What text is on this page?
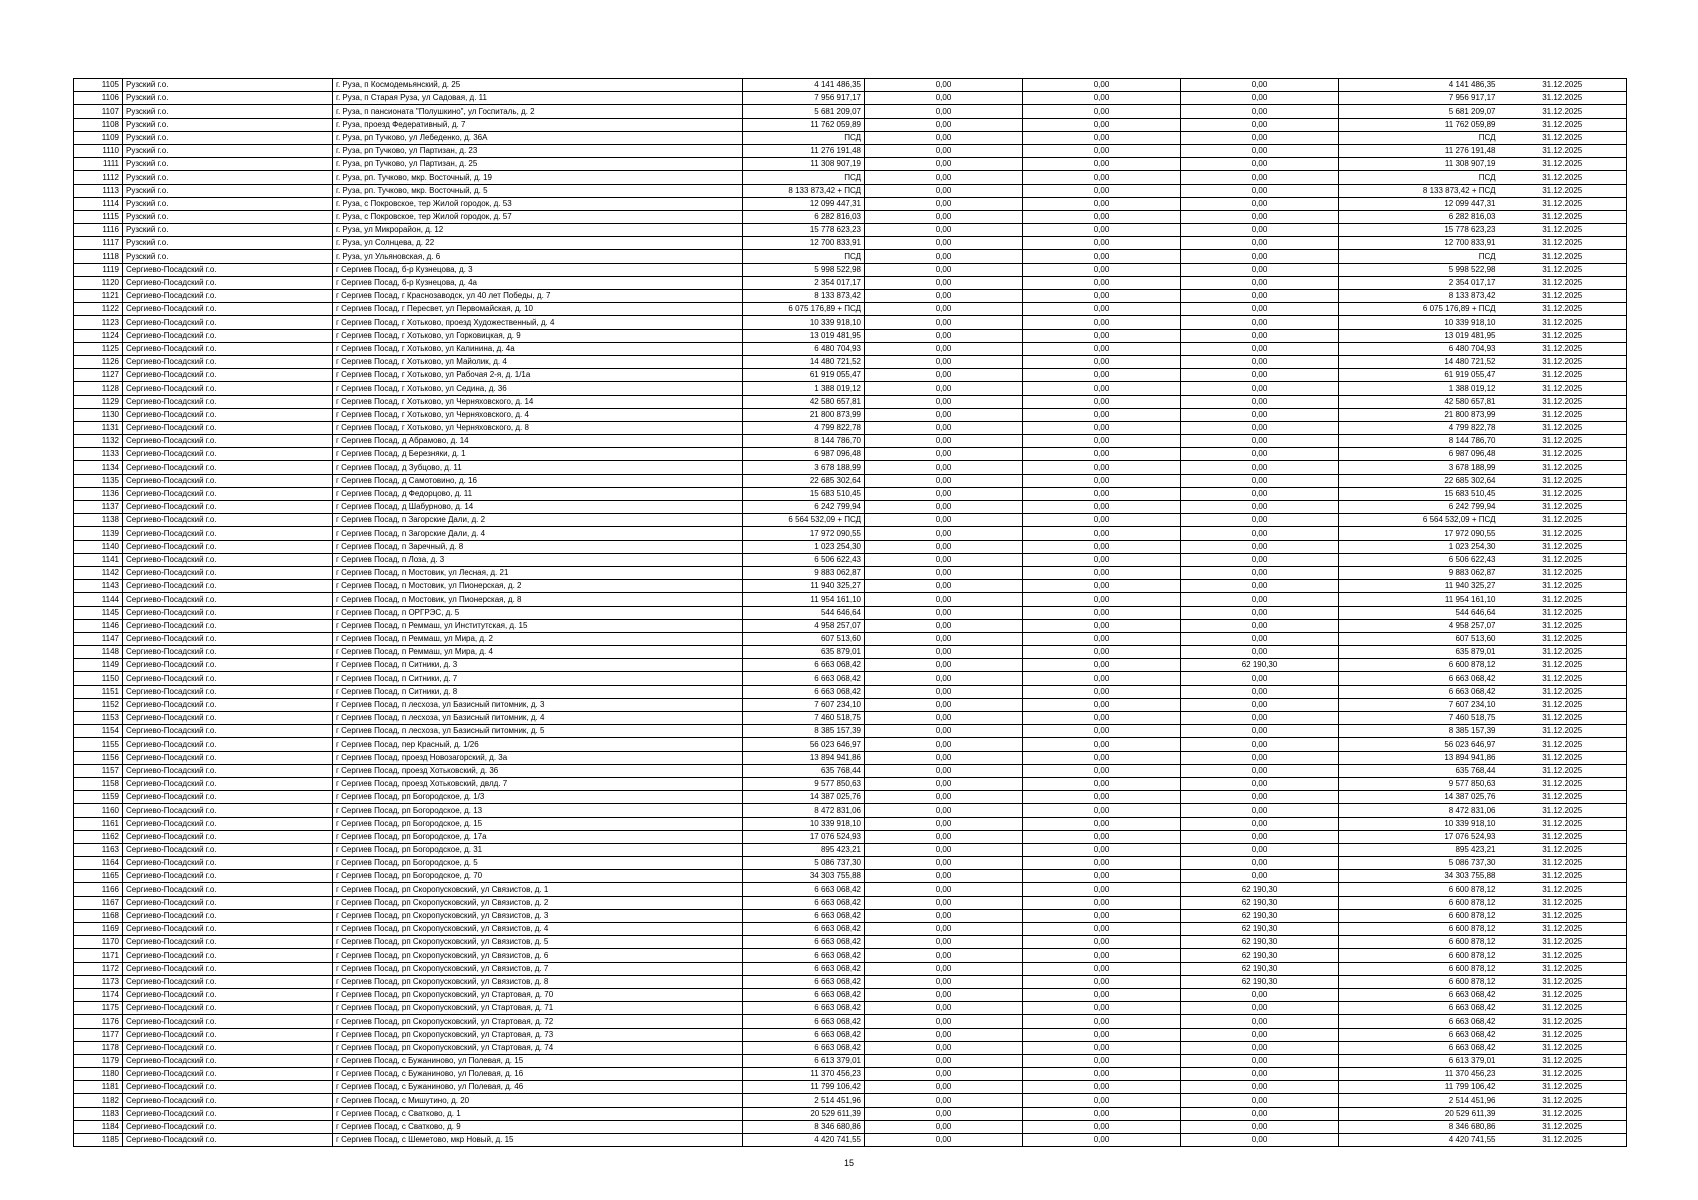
1105	Рузский г.о.	г. Руза, п Космодемьянский, д. 25	4 141 486,35	0,00	0,00	0,00	4 141 486,35	31.12.2025
1106	Рузский г.о.	г. Руза, п Старая Руза, ул Садовая, д. 11	7 956 917,17	0,00	0,00	0,00	7 956 917,17	31.12.2025
1107	Рузский г.о.	г. Руза, п пансионата "Полушкино", ул Госпиталь, д. 2	5 681 209,07	0,00	0,00	0,00	5 681 209,07	31.12.2025
1108	Рузский г.о.	г. Руза, проезд Федеративный, д. 7	11 762 059,89	0,00	0,00	0,00	11 762 059,89	31.12.2025
1109	Рузский г.о.	г. Руза, рп Тучково, ул Лебеденко, д. 36А	ПСД	0,00	0,00	0,00	ПСД	31.12.2025
1110	Рузский г.о.	г. Руза, рп Тучково, ул Партизан, д. 23	11 276 191,48	0,00	0,00	0,00	11 276 191,48	31.12.2025
1111	Рузский г.о.	г. Руза, рп Тучково, ул Партизан, д. 25	11 308 907,19	0,00	0,00	0,00	11 308 907,19	31.12.2025
1112	Рузский г.о.	г. Руза, рп. Тучково, мкр. Восточный, д. 19	ПСД	0,00	0,00	0,00	ПСД	31.12.2025
1113	Рузский г.о.	г. Руза, рп. Тучково, мкр. Восточный, д. 5	8 133 873,42 + ПСД	0,00	0,00	0,00	8 133 873,42 + ПСД	31.12.2025
1114	Рузский г.о.	г. Руза, с Покровское, тер Жилой городок, д. 53	12 099 447,31	0,00	0,00	0,00	12 099 447,31	31.12.2025
1115	Рузский г.о.	г. Руза, с Покровское, тер Жилой городок, д. 57	6 282 816,03	0,00	0,00	0,00	6 282 816,03	31.12.2025
1116	Рузский г.о.	г. Руза, ул Микрорайон, д. 12	15 778 623,23	0,00	0,00	0,00	15 778 623,23	31.12.2025
1117	Рузский г.о.	г. Руза, ул Солнцева, д. 22	12 700 833,91	0,00	0,00	0,00	12 700 833,91	31.12.2025
1118	Рузский г.о.	г. Руза, ул Ульяновская, д. 6	ПСД	0,00	0,00	0,00	ПСД	31.12.2025
1119	Сергиево-Посадский г.о.	г Сергиев Посад, б-р Кузнецова, д. 3	5 998 522,98	0,00	0,00	0,00	5 998 522,98	31.12.2025
1120	Сергиево-Посадский г.о.	г Сергиев Посад, б-р Кузнецова, д. 4а	2 354 017,17	0,00	0,00	0,00	2 354 017,17	31.12.2025
1121	Сергиево-Посадский г.о.	г Сергиев Посад, г Краснозаводск, ул 40 лет Победы, д. 7	8 133 873,42	0,00	0,00	0,00	8 133 873,42	31.12.2025
1122	Сергиево-Посадский г.о.	г Сергиев Посад, г Пересвет, ул Первомайская, д. 10	6 075 176,89 + ПСД	0,00	0,00	0,00	6 075 176,89 + ПСД	31.12.2025
1123	Сергиево-Посадский г.о.	г Сергиев Посад, г Хотьково, проезд Художественный, д. 4	10 339 918,10	0,00	0,00	0,00	10 339 918,10	31.12.2025
1124	Сергиево-Посадский г.о.	г Сергиев Посад, г Хотьково, ул Горковицкая, д. 9	13 019 481,95	0,00	0,00	0,00	13 019 481,95	31.12.2025
1125	Сергиево-Посадский г.о.	г Сергиев Посад, г Хотьково, ул Калинина, д. 4а	6 480 704,93	0,00	0,00	0,00	6 480 704,93	31.12.2025
1126	Сергиево-Посадский г.о.	г Сергиев Посад, г Хотьково, ул Майолик, д. 4	14 480 721,52	0,00	0,00	0,00	14 480 721,52	31.12.2025
1127	Сергиево-Посадский г.о.	г Сергиев Посад, г Хотьково, ул Рабочая 2-я, д. 1/1а	61 919 055,47	0,00	0,00	0,00	61 919 055,47	31.12.2025
1128	Сергиево-Посадский г.о.	г Сергиев Посад, г Хотьково, ул Седина, д. 36	1 388 019,12	0,00	0,00	0,00	1 388 019,12	31.12.2025
1129	Сергиево-Посадский г.о.	г Сергиев Посад, г Хотьково, ул Черняховского, д. 14	42 580 657,81	0,00	0,00	0,00	42 580 657,81	31.12.2025
1130	Сергиево-Посадский г.о.	г Сергиев Посад, г Хотьково, ул Черняховского, д. 4	21 800 873,99	0,00	0,00	0,00	21 800 873,99	31.12.2025
1131	Сергиево-Посадский г.о.	г Сергиев Посад, г Хотьково, ул Черняховского, д. 8	4 799 822,78	0,00	0,00	0,00	4 799 822,78	31.12.2025
1132	Сергиево-Посадский г.о.	г Сергиев Посад, д Абрамово, д. 14	8 144 786,70	0,00	0,00	0,00	8 144 786,70	31.12.2025
1133	Сергиево-Посадский г.о.	г Сергиев Посад, д Березняки, д. 1	6 987 096,48	0,00	0,00	0,00	6 987 096,48	31.12.2025
1134	Сергиево-Посадский г.о.	г Сергиев Посад, д Зубцово, д. 11	3 678 188,99	0,00	0,00	0,00	3 678 188,99	31.12.2025
1135	Сергиево-Посадский г.о.	г Сергиев Посад, д Самотовино, д. 16	22 685 302,64	0,00	0,00	0,00	22 685 302,64	31.12.2025
1136	Сергиево-Посадский г.о.	г Сергиев Посад, д Федорцово, д. 11	15 683 510,45	0,00	0,00	0,00	15 683 510,45	31.12.2025
1137	Сергиево-Посадский г.о.	г Сергиев Посад, д Шабурново, д. 14	6 242 799,94	0,00	0,00	0,00	6 242 799,94	31.12.2025
1138	Сергиево-Посадский г.о.	г Сергиев Посад, п Загорские Дали, д. 2	6 564 532,09 + ПСД	0,00	0,00	0,00	6 564 532,09 + ПСД	31.12.2025
1139	Сергиево-Посадский г.о.	г Сергиев Посад, п Загорские Дали, д. 4	17 972 090,55	0,00	0,00	0,00	17 972 090,55	31.12.2025
1140	Сергиево-Посадский г.о.	г Сергиев Посад, п Заречный, д. 8	1 023 254,30	0,00	0,00	0,00	1 023 254,30	31.12.2025
1141	Сергиево-Посадский г.о.	г Сергиев Посад, п Лоза, д. 3	6 506 622,43	0,00	0,00	0,00	6 506 622,43	31.12.2025
1142	Сергиево-Посадский г.о.	г Сергиев Посад, п Мостовик, ул Лесная, д. 21	9 883 062,87	0,00	0,00	0,00	9 883 062,87	31.12.2025
1143	Сергиево-Посадский г.о.	г Сергиев Посад, п Мостовик, ул Пионерская, д. 2	11 940 325,27	0,00	0,00	0,00	11 940 325,27	31.12.2025
1144	Сергиево-Посадский г.о.	г Сергиев Посад, п Мостовик, ул Пионерская, д. 8	11 954 161,10	0,00	0,00	0,00	11 954 161,10	31.12.2025
1145	Сергиево-Посадский г.о.	г Сергиев Посад, п ОРГРЭС, д. 5	544 646,64	0,00	0,00	0,00	544 646,64	31.12.2025
1146	Сергиево-Посадский г.о.	г Сергиев Посад, п Реммаш, ул Институтская, д. 15	4 958 257,07	0,00	0,00	0,00	4 958 257,07	31.12.2025
1147	Сергиево-Посадский г.о.	г Сергиев Посад, п Реммаш, ул Мира, д. 2	607 513,60	0,00	0,00	0,00	607 513,60	31.12.2025
1148	Сергиево-Посадский г.о.	г Сергиев Посад, п Реммаш, ул Мира, д. 4	635 879,01	0,00	0,00	0,00	635 879,01	31.12.2025
1149	Сергиево-Посадский г.о.	г Сергиев Посад, п Ситники, д. 3	6 663 068,42	0,00	0,00	62 190,30	6 600 878,12	31.12.2025
1150	Сергиево-Посадский г.о.	г Сергиев Посад, п Ситники, д. 7	6 663 068,42	0,00	0,00	0,00	6 663 068,42	31.12.2025
1151	Сергиево-Посадский г.о.	г Сергиев Посад, п Ситники, д. 8	6 663 068,42	0,00	0,00	0,00	6 663 068,42	31.12.2025
1152	Сергиево-Посадский г.о.	г Сергиев Посад, п лесхоза, ул Базисный питомник, д. 3	7 607 234,10	0,00	0,00	0,00	7 607 234,10	31.12.2025
1153	Сергиево-Посадский г.о.	г Сергиев Посад, п лесхоза, ул Базисный питомник, д. 4	7 460 518,75	0,00	0,00	0,00	7 460 518,75	31.12.2025
1154	Сергиево-Посадский г.о.	г Сергиев Посад, п лесхоза, ул Базисный питомник, д. 5	8 385 157,39	0,00	0,00	0,00	8 385 157,39	31.12.2025
1155	Сергиево-Посадский г.о.	г Сергиев Посад, пер Красный, д. 1/26	56 023 646,97	0,00	0,00	0,00	56 023 646,97	31.12.2025
1156	Сергиево-Посадский г.о.	г Сергиев Посад, проезд Новозагорский, д. 3а	13 894 941,86	0,00	0,00	0,00	13 894 941,86	31.12.2025
1157	Сергиево-Посадский г.о.	г Сергиев Посад, проезд Хотьковский, д. 36	635 768,44	0,00	0,00	0,00	635 768,44	31.12.2025
1158	Сергиево-Посадский г.о.	г Сергиев Посад, проезд Хотьковский, двлд. 7	9 577 850,63	0,00	0,00	0,00	9 577 850,63	31.12.2025
1159	Сергиево-Посадский г.о.	г Сергиев Посад, рп Богородское, д. 1/3	14 387 025,76	0,00	0,00	0,00	14 387 025,76	31.12.2025
1160	Сергиево-Посадский г.о.	г Сергиев Посад, рп Богородское, д. 13	8 472 831,06	0,00	0,00	0,00	8 472 831,06	31.12.2025
1161	Сергиево-Посадский г.о.	г Сергиев Посад, рп Богородское, д. 15	10 339 918,10	0,00	0,00	0,00	10 339 918,10	31.12.2025
1162	Сергиево-Посадский г.о.	г Сергиев Посад, рп Богородское, д. 17а	17 076 524,93	0,00	0,00	0,00	17 076 524,93	31.12.2025
1163	Сергиево-Посадский г.о.	г Сергиев Посад, рп Богородское, д. 31	895 423,21	0,00	0,00	0,00	895 423,21	31.12.2025
1164	Сергиево-Посадский г.о.	г Сергиев Посад, рп Богородское, д. 5	5 086 737,30	0,00	0,00	0,00	5 086 737,30	31.12.2025
1165	Сергиево-Посадский г.о.	г Сергиев Посад, рп Богородское, д. 70	34 303 755,88	0,00	0,00	0,00	34 303 755,88	31.12.2025
1166	Сергиево-Посадский г.о.	г Сергиев Посад, рп Скоропусковский, ул Связистов, д. 1	6 663 068,42	0,00	0,00	62 190,30	6 600 878,12	31.12.2025
1167	Сергиево-Посадский г.о.	г Сергиев Посад, рп Скоропусковский, ул Связистов, д. 2	6 663 068,42	0,00	0,00	62 190,30	6 600 878,12	31.12.2025
1168	Сергиево-Посадский г.о.	г Сергиев Посад, рп Скоропусковский, ул Связистов, д. 3	6 663 068,42	0,00	0,00	62 190,30	6 600 878,12	31.12.2025
1169	Сергиево-Посадский г.о.	г Сергиев Посад, рп Скоропусковский, ул Связистов, д. 4	6 663 068,42	0,00	0,00	62 190,30	6 600 878,12	31.12.2025
1170	Сергиево-Посадский г.о.	г Сергиев Посад, рп Скоропусковский, ул Связистов, д. 5	6 663 068,42	0,00	0,00	62 190,30	6 600 878,12	31.12.2025
1171	Сергиево-Посадский г.о.	г Сергиев Посад, рп Скоропусковский, ул Связистов, д. 6	6 663 068,42	0,00	0,00	62 190,30	6 600 878,12	31.12.2025
1172	Сергиево-Посадский г.о.	г Сергиев Посад, рп Скоропусковский, ул Связистов, д. 7	6 663 068,42	0,00	0,00	62 190,30	6 600 878,12	31.12.2025
1173	Сергиево-Посадский г.о.	г Сергиев Посад, рп Скоропусковский, ул Связистов, д. 8	6 663 068,42	0,00	0,00	62 190,30	6 600 878,12	31.12.2025
1174	Сергиево-Посадский г.о.	г Сергиев Посад, рп Скоропусковский, ул Стартовая, д. 70	6 663 068,42	0,00	0,00	0,00	6 663 068,42	31.12.2025
1175	Сергиево-Посадский г.о.	г Сергиев Посад, рп Скоропусковский, ул Стартовая, д. 71	6 663 068,42	0,00	0,00	0,00	6 663 068,42	31.12.2025
1176	Сергиево-Посадский г.о.	г Сергиев Посад, рп Скоропусковский, ул Стартовая, д. 72	6 663 068,42	0,00	0,00	0,00	6 663 068,42	31.12.2025
1177	Сергиево-Посадский г.о.	г Сергиев Посад, рп Скоропусковский, ул Стартовая, д. 73	6 663 068,42	0,00	0,00	0,00	6 663 068,42	31.12.2025
1178	Сергиево-Посадский г.о.	г Сергиев Посад, рп Скоропусковский, ул Стартовая, д. 74	6 663 068,42	0,00	0,00	0,00	6 663 068,42	31.12.2025
1179	Сергиево-Посадский г.о.	г Сергиев Посад, с Бужаниново, ул Полевая, д. 15	6 613 379,01	0,00	0,00	0,00	6 613 379,01	31.12.2025
1180	Сергиево-Посадский г.о.	г Сергиев Посад, с Бужаниново, ул Полевая, д. 16	11 370 456,23	0,00	0,00	0,00	11 370 456,23	31.12.2025
1181	Сергиево-Посадский г.о.	г Сергиев Посад, с Бужаниново, ул Полевая, д. 46	11 799 106,42	0,00	0,00	0,00	11 799 106,42	31.12.2025
1182	Сергиево-Посадский г.о.	г Сергиев Посад, с Мишутино, д. 20	2 514 451,96	0,00	0,00	0,00	2 514 451,96	31.12.2025
1183	Сергиево-Посадский г.о.	г Сергиев Посад, с Сватково, д. 1	20 529 611,39	0,00	0,00	0,00	20 529 611,39	31.12.2025
1184	Сергиево-Посадский г.о.	г Сергиев Посад, с Сватково, д. 9	8 346 680,86	0,00	0,00	0,00	8 346 680,86	31.12.2025
1185	Сергиево-Посадский г.о.	г Сергиев Посад, с Шеметово, мкр Новый, д. 15	4 420 741,55	0,00	0,00	0,00	4 420 741,55	31.12.2025
15
